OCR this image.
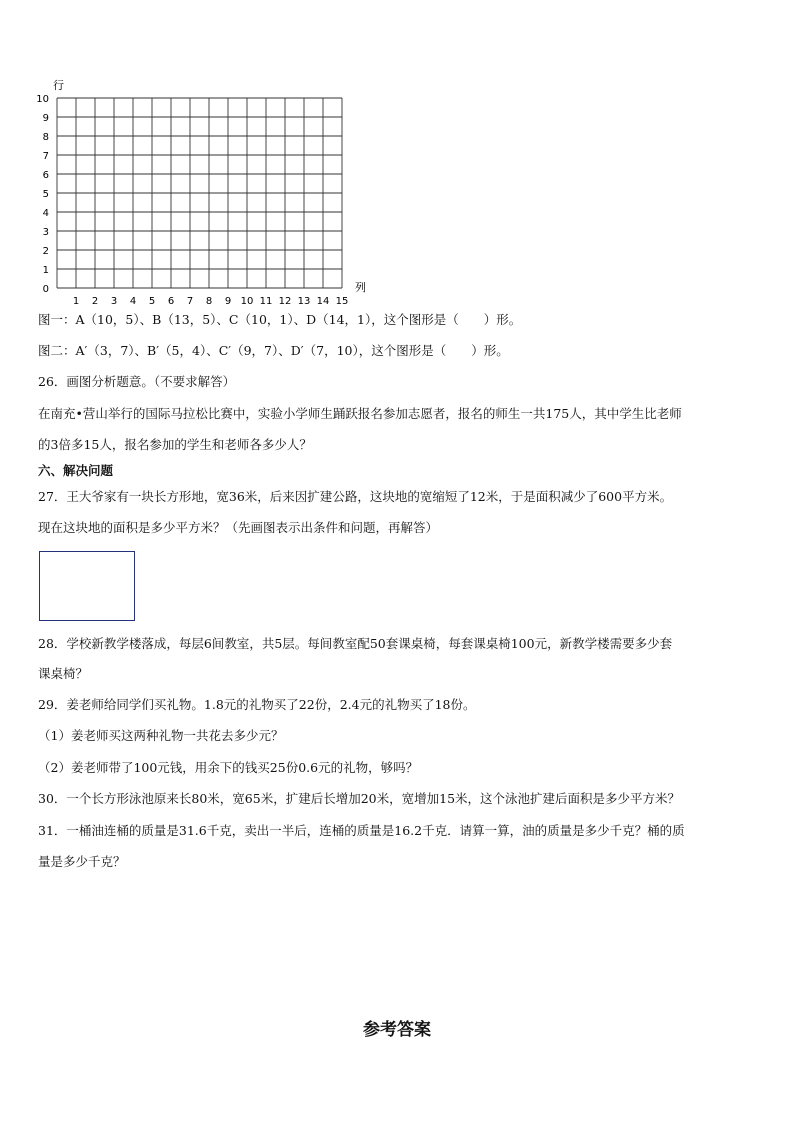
行
列
0
1
2
3
4
5
6
7
8
9
10
1 2 3 4 5 6 7 8 9 10 11 12 13 14 15
图一：A（10，5）、B（13，5）、C（10，1）、D（14，1），这个图形是（　　）形。
图二：A′（3，7）、B′（5，4）、C′（9，7）、D′（7，10），这个图形是（　　）形。
26．画图分析题意。（不要求解答）
在南充•营山举行的国际马拉松比赛中，实验小学师生踊跃报名参加志愿者，报名的师生一共175人，其中学生比老师
的3倍多15人，报名参加的学生和老师各多少人？
六、解决问题
27．王大爷家有一块长方形地，宽36米，后来因扩建公路，这块地的宽缩短了12米，于是面积减少了600平方米。
现在这块地的面积是多少平方米？（先画图表示出条件和问题，再解答）
28．学校新教学楼落成，每层6间教室，共5层。每间教室配50套课桌椅，每套课桌椅100元，新教学楼需要多少套
课桌椅？
29．姜老师给同学们买礼物。1.8元的礼物买了22份，2.4元的礼物买了18份。
（1）姜老师买这两种礼物一共花去多少元？
（2）姜老师带了100元钱，用余下的钱买25份0.6元的礼物，够吗？
30．一个长方形泳池原来长80米，宽65米，扩建后长增加20米，宽增加15米，这个泳池扩建后面积是多少平方米？
31．一桶油连桶的质量是31.6千克，卖出一半后，连桶的质量是16.2千克．请算一算，油的质量是多少千克？桶的质
量是多少千克？
参考答案
